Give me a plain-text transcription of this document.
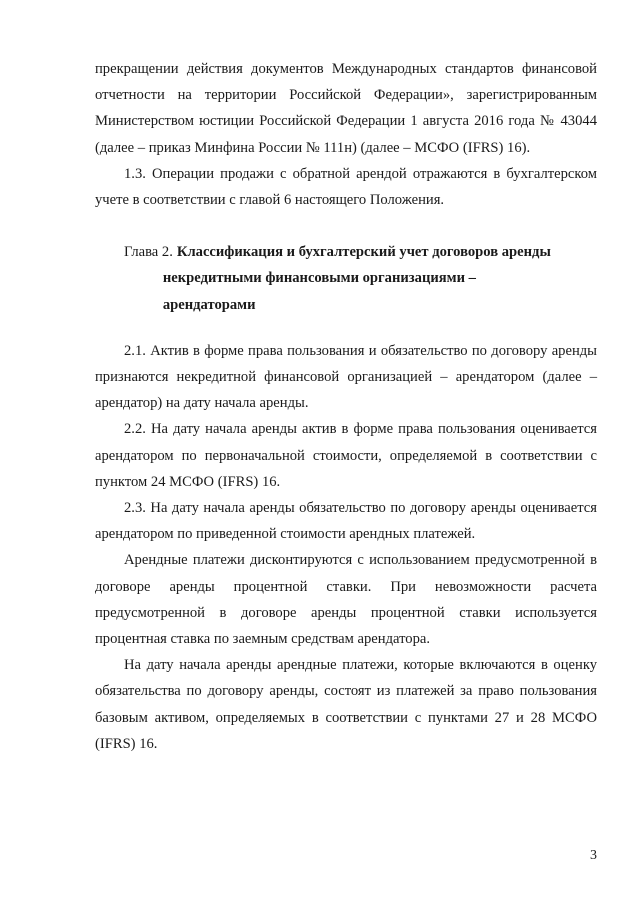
прекращении действия документов Международных стандартов финансовой отчетности на территории Российской Федерации», зарегистрированным Министерством юстиции Российской Федерации 1 августа 2016 года № 43044 (далее – приказ Минфина России № 111н) (далее – МСФО (IFRS) 16).

1.3. Операции продажи с обратной арендой отражаются в бухгалтерском учете в соответствии с главой 6 настоящего Положения.

Глава 2. Классификация и бухгалтерский учет договоров аренды
некредитными финансовыми организациями –
арендаторами

2.1. Актив в форме права пользования и обязательство по договору аренды признаются некредитной финансовой организацией – арендатором (далее – арендатор) на дату начала аренды.

2.2. На дату начала аренды актив в форме права пользования оценивается арендатором по первоначальной стоимости, определяемой в соответствии с пунктом 24 МСФО (IFRS) 16.

2.3. На дату начала аренды обязательство по договору аренды оценивается арендатором по приведенной стоимости арендных платежей.

Арендные платежи дисконтируются с использованием предусмотренной в договоре аренды процентной ставки. При невозможности расчета предусмотренной в договоре аренды процентной ставки используется процентная ставка по заемным средствам арендатора.

На дату начала аренды арендные платежи, которые включаются в оценку обязательства по договору аренды, состоят из платежей за право пользования базовым активом, определяемых в соответствии с пунктами 27 и 28 МСФО (IFRS) 16.

3
